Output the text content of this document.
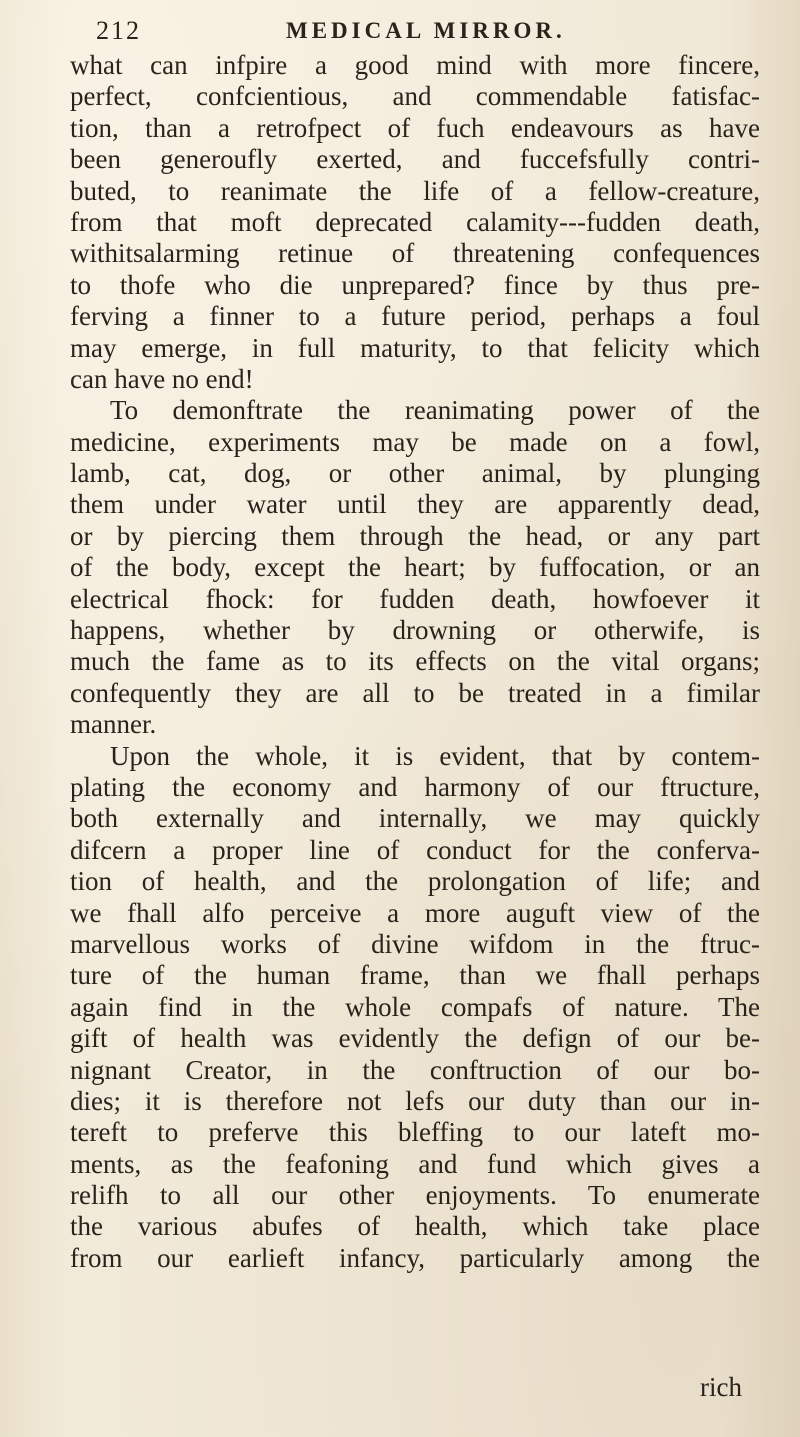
212	MEDICAL MIRROR.
what can infpire a good mind with more fincere,
perfect, confcientious, and commendable fatisfac-
tion, than a retrofpect of fuch endeavours as have
been generoufly exerted, and fuccefsfully contri-
buted, to reanimate the life of a fellow-creature,
from that moft deprecated calamity---fudden death,
withitsalarming retinue of threatening confequences
to thofe who die unprepared? fince by thus pre-
ferving a finner to a future period, perhaps a foul
may emerge, in full maturity, to that felicity which
can have no end!
To demonftrate the reanimating power of the
medicine, experiments may be made on a fowl,
lamb, cat, dog, or other animal, by plunging
them under water until they are apparently dead,
or by piercing them through the head, or any part
of the body, except the heart; by fuffocation, or an
electrical fhock: for fudden death, howfoever it
happens, whether by drowning or otherwife, is
much the fame as to its effects on the vital organs;
confequently they are all to be treated in a fimilar
manner.
Upon the whole, it is evident, that by contem-
plating the economy and harmony of our ftructure,
both externally and internally, we may quickly
difcern a proper line of conduct for the conferva-
tion of health, and the prolongation of life; and
we fhall alfo perceive a more auguft view of the
marvellous works of divine wifdom in the ftruc-
ture of the human frame, than we fhall perhaps
again find in the whole compafs of nature. The
gift of health was evidently the defign of our be-
nignant Creator, in the conftruction of our bo-
dies; it is therefore not lefs our duty than our in-
tereft to preferve this bleffing to our lateft mo-
ments, as the feafoning and fund which gives a
relifh to all our other enjoyments. To enumerate
the various abufes of health, which take place
from our earlieft infancy, particularly among the
rich
